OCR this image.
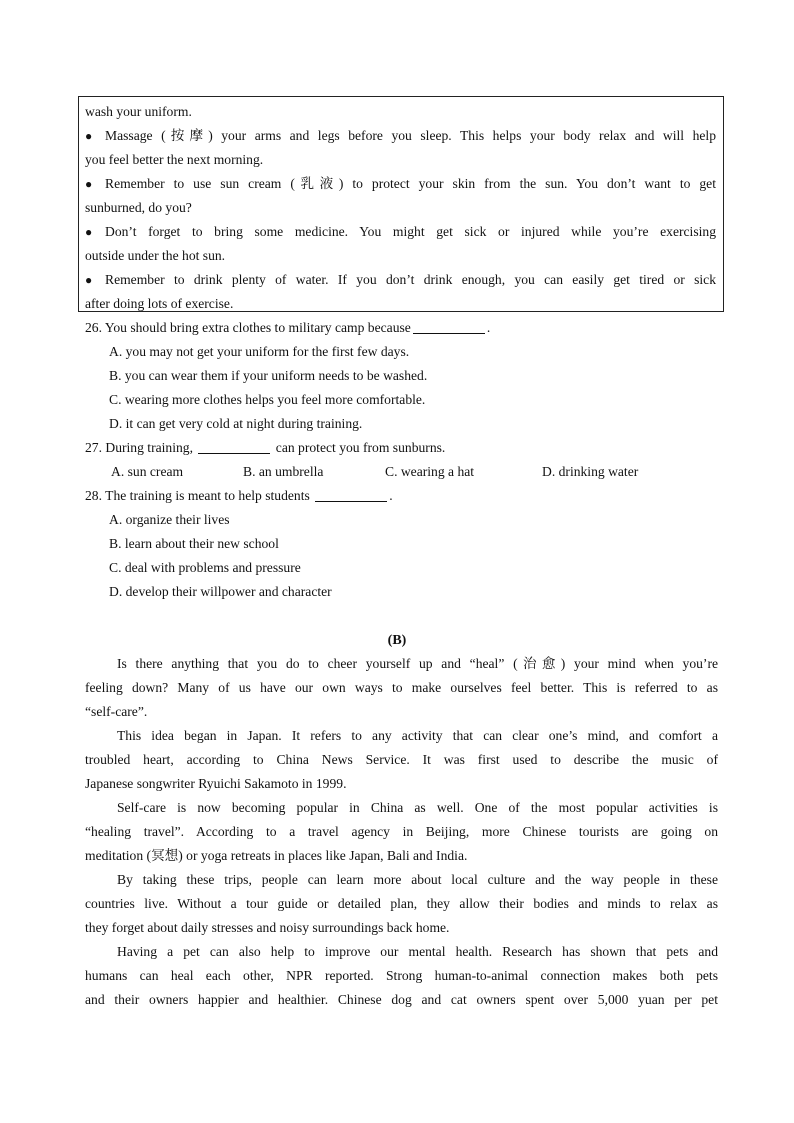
wash your uniform.
● Massage (按摩) your arms and legs before you sleep. This helps your body relax and will help
you feel better the next morning.
● Remember to use sun cream (乳液) to protect your skin from the sun. You don’t want to get
sunburned, do you?
● Don’t forget to bring some medicine. You might get sick or injured while you’re exercising
outside under the hot sun.
● Remember to drink plenty of water. If you don’t drink enough, you can easily get tired or sick
after doing lots of exercise.
26. You should bring extra clothes to military camp because	.
A. you may not get your uniform for the first few days.
B. you can wear them if your uniform needs to be washed.
C. wearing more clothes helps you feel more comfortable.
D. it can get very cold at night during training.
27. During training,	can protect you from sunburns.
A. sun cream	B. an umbrella	C. wearing a hat	D. drinking water
28. The training is meant to help students	.
A. organize their lives
B. learn about their new school
C. deal with problems and pressure
D. develop their willpower and character
(B)
Is there anything that you do to cheer yourself up and “heal” (治愈) your mind when you’re
feeling down? Many of us have our own ways to make ourselves feel better. This is referred to as
“self-care”.
This idea began in Japan. It refers to any activity that can clear one’s mind, and comfort a
troubled heart, according to China News Service. It was first used to describe the music of
Japanese songwriter Ryuichi Sakamoto in 1999.
Self-care is now becoming popular in China as well. One of the most popular activities is
“healing travel”. According to a travel agency in Beijing, more Chinese tourists are going on
meditation (冥想) or yoga retreats in places like Japan, Bali and India.
By taking these trips, people can learn more about local culture and the way people in these
countries live. Without a tour guide or detailed plan, they allow their bodies and minds to relax as
they forget about daily stresses and noisy surroundings back home.
Having a pet can also help to improve our mental health. Research has shown that pets and
humans can heal each other, NPR reported. Strong human-to-animal connection makes both pets
and their owners happier and healthier. Chinese dog and cat owners spent over 5,000 yuan per pet
